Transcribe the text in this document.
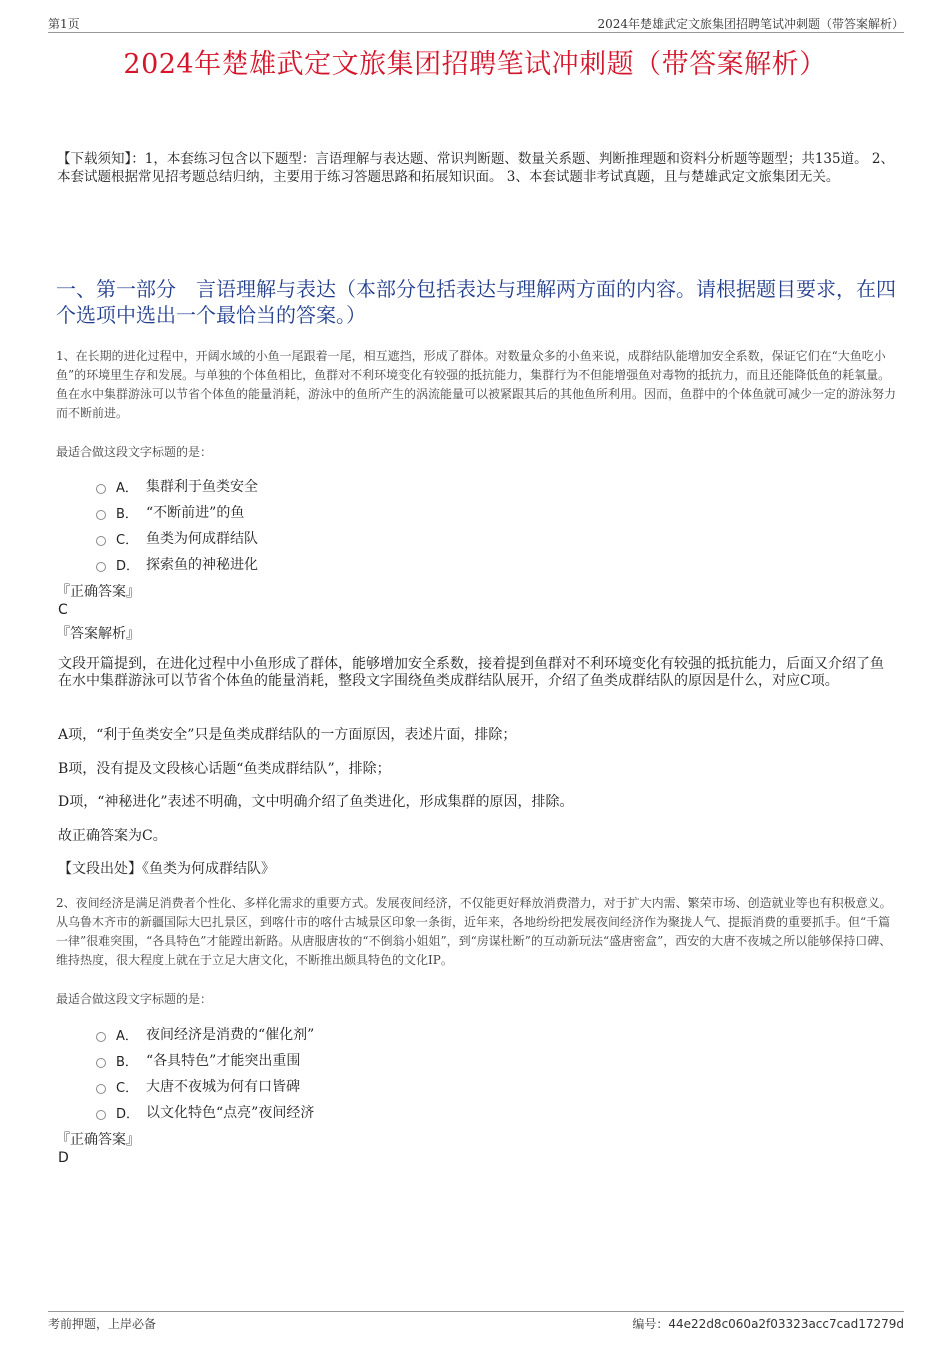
第1页	2024年楚雄武定文旅集团招聘笔试冲刺题（带答案解析）
2024年楚雄武定文旅集团招聘笔试冲刺题（带答案解析）
【下载须知】：1，本套练习包含以下题型：言语理解与表达题、常识判断题、数量关系题、判断推理题和资料分析题等题型；共135道。 2、本套试题根据常见招考题总结归纳，主要用于练习答题思路和拓展知识面。 3、本套试题非考试真题，且与楚雄武定文旅集团无关。
一、第一部分　言语理解与表达（本部分包括表达与理解两方面的内容。请根据题目要求，在四个选项中选出一个最恰当的答案。）
1、在长期的进化过程中，开阔水域的小鱼一尾跟着一尾，相互遮挡，形成了群体。对数量众多的小鱼来说，成群结队能增加安全系数，保证它们在“大鱼吃小鱼”的环境里生存和发展。与单独的个体鱼相比，鱼群对不利环境变化有较强的抵抗能力，集群行为不但能增强鱼对毒物的抵抗力，而且还能降低鱼的耗氧量。鱼在水中集群游泳可以节省个体鱼的能量消耗，游泳中的鱼所产生的涡流能量可以被紧跟其后的其他鱼所利用。因而，鱼群中的个体鱼就可减少一定的游泳努力而不断前进。
最适合做这段文字标题的是：
A． 集群利于鱼类安全
B． “不断前进”的鱼
C． 鱼类为何成群结队
D． 探索鱼的神秘进化
『正确答案』
C
『答案解析』
文段开篇提到，在进化过程中小鱼形成了群体，能够增加安全系数，接着提到鱼群对不利环境变化有较强的抵抗能力，后面又介绍了鱼在水中集群游泳可以节省个体鱼的能量消耗，整段文字围绕鱼类成群结队展开，介绍了鱼类成群结队的原因是什么，对应C项。
A项，“利于鱼类安全”只是鱼类成群结队的一方面原因，表述片面，排除；
B项，没有提及文段核心话题“鱼类成群结队”，排除；
D项，“神秘进化”表述不明确，文中明确介绍了鱼类进化，形成集群的原因，排除。
故正确答案为C。
【文段出处】《鱼类为何成群结队》
2、夜间经济是满足消费者个性化、多样化需求的重要方式。发展夜间经济，不仅能更好释放消费潜力，对于扩大内需、繁荣市场、创造就业等也有积极意义。从乌鲁木齐市的新疆国际大巴扎景区，到喀什市的喀什古城景区印象一条街，近年来，各地纷纷把发展夜间经济作为聚拢人气、提振消费的重要抓手。但“千篇一律”很难突围，“各具特色”才能蹚出新路。从唐服唐妆的“不倒翁小姐姐”，到“房谋杜断”的互动新玩法“盛唐密盒”，西安的大唐不夜城之所以能够保持口碑、维持热度，很大程度上就在于立足大唐文化，不断推出颇具特色的文化IP。
最适合做这段文字标题的是：
A． 夜间经济是消费的“催化剂”
B． “各具特色”才能突出重围
C． 大唐不夜城为何有口皆碑
D． 以文化特色“点亮”夜间经济
『正确答案』
D
考前押题，上岸必备	编号：44e22d8c060a2f03323acc7cad17279d
